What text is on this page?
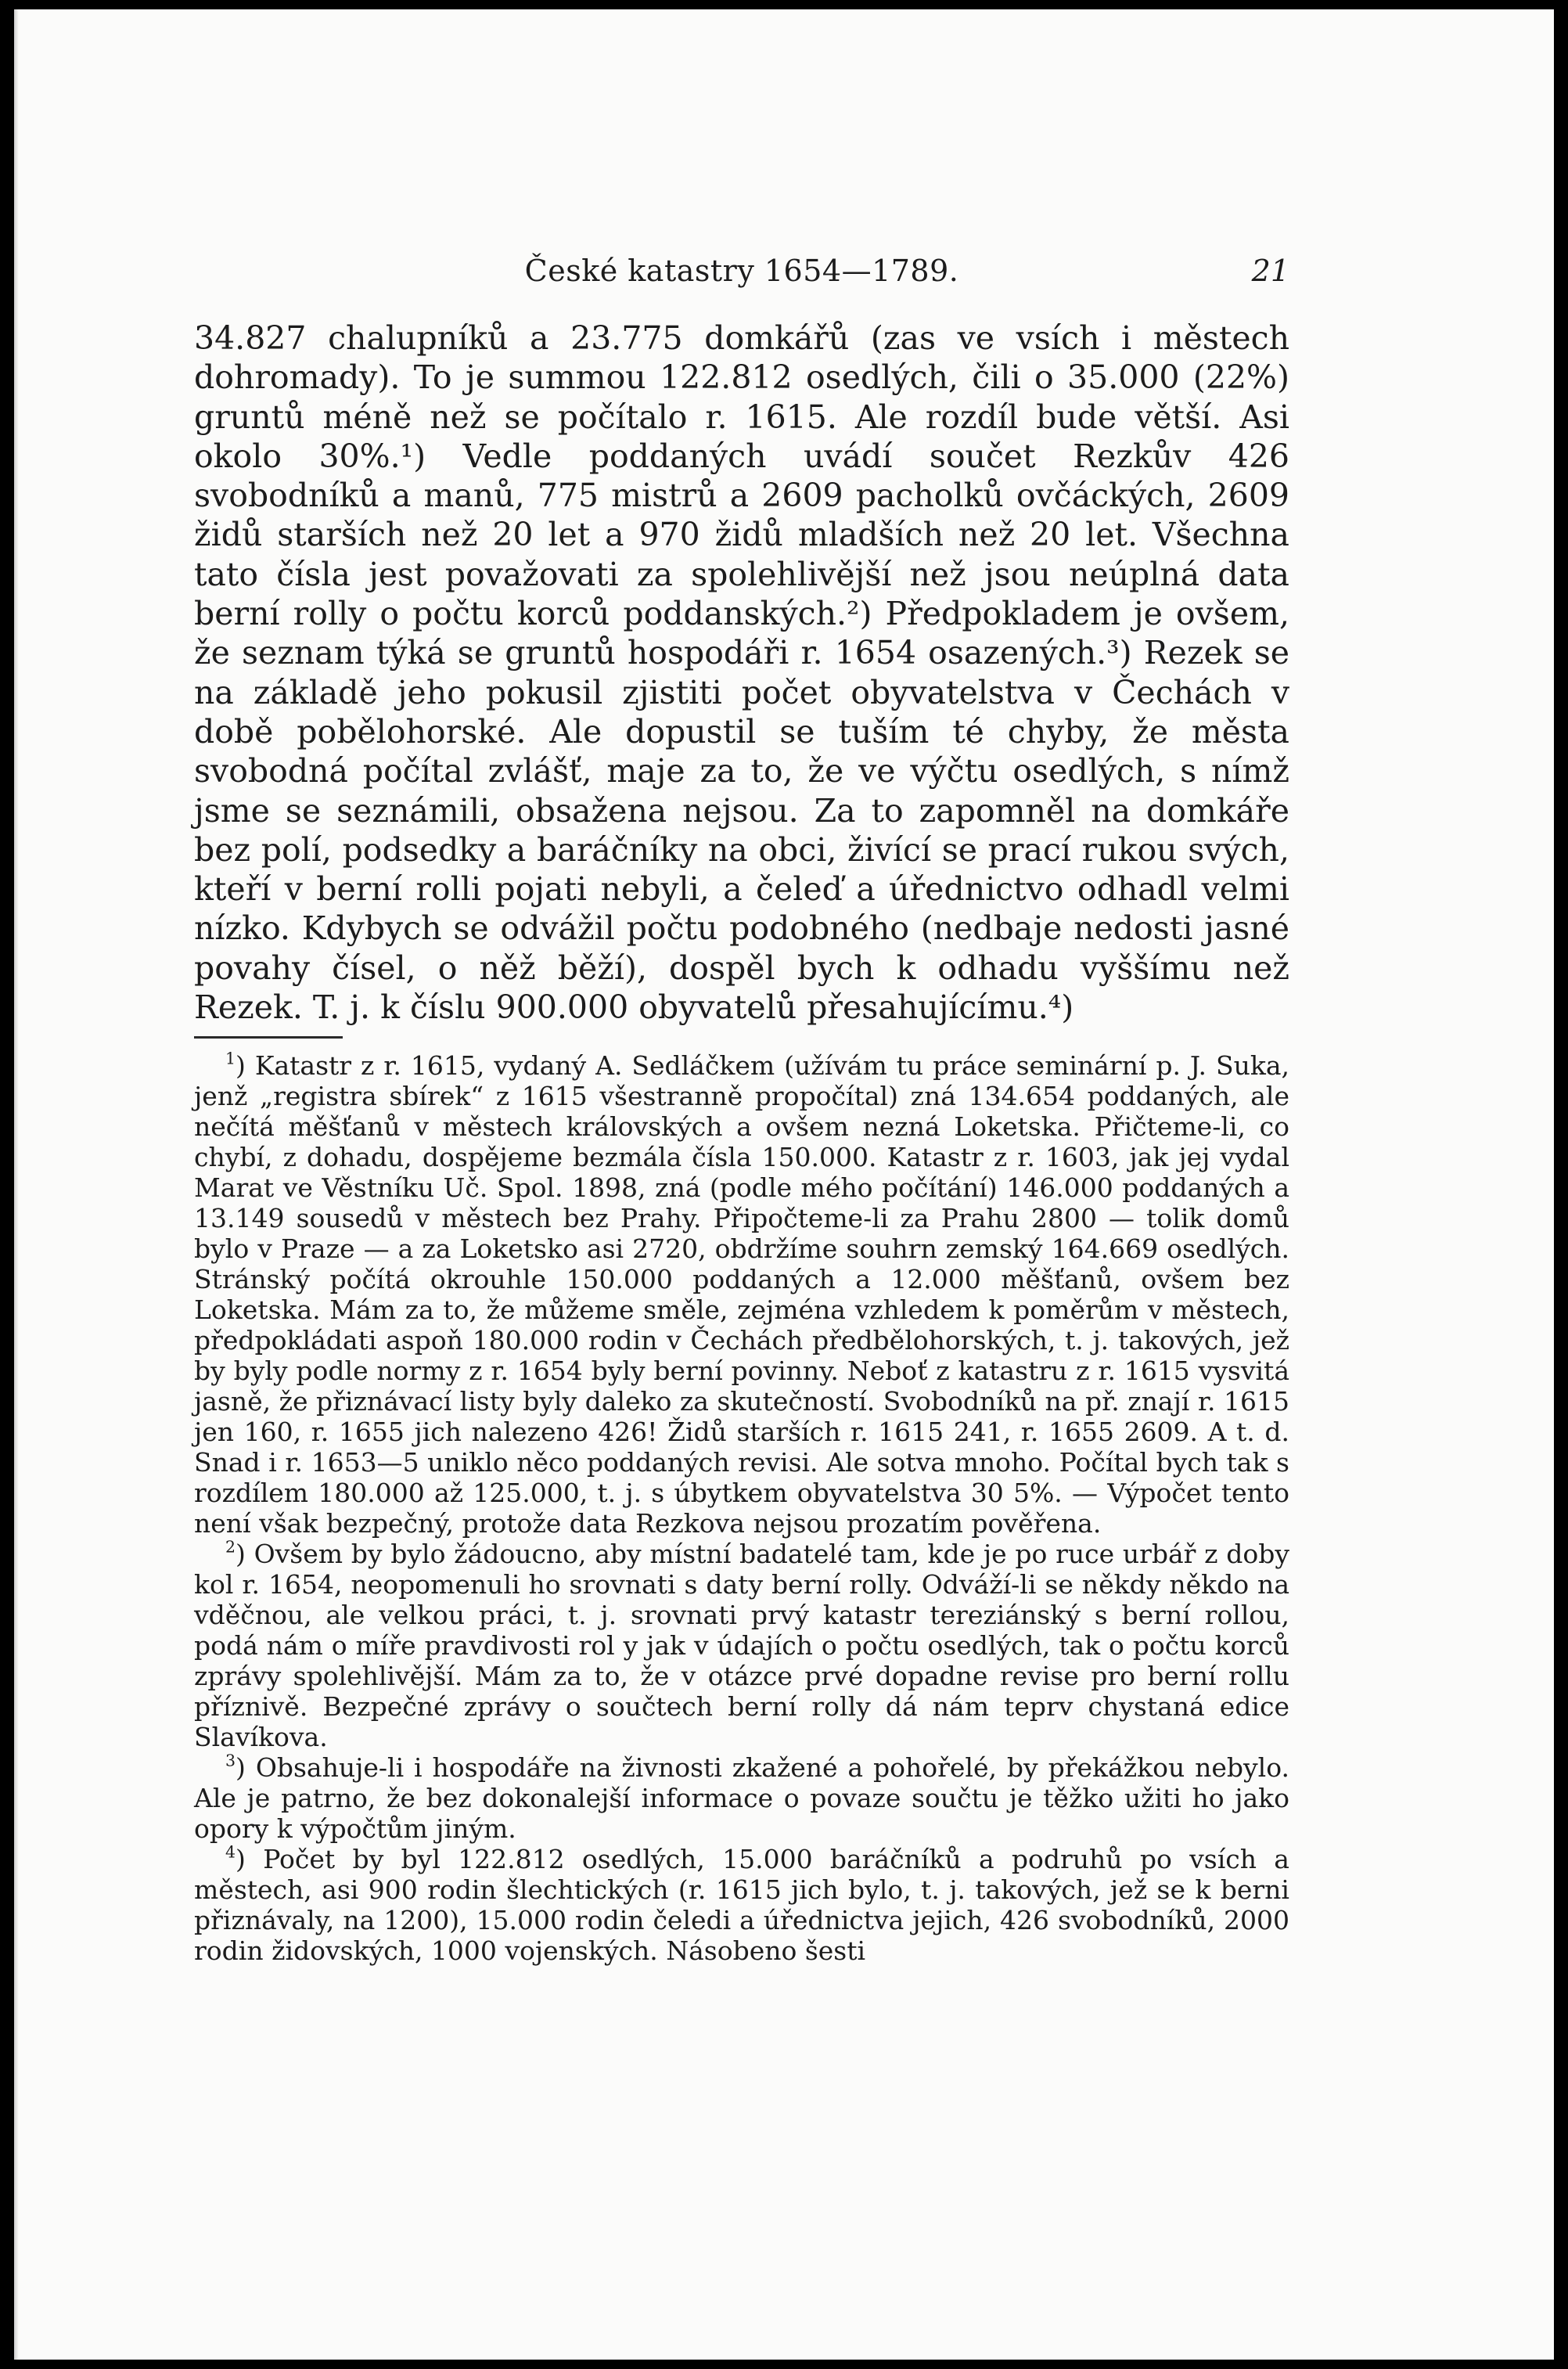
České katastry 1654—1789.	21

34.827 chalupníků a 23.775 domkářů (zas ve vsích i městech dohromady). To je summou 122.812 osedlých, čili o 35.000 (22%) gruntů méně než se počítalo r. 1615. Ale rozdíl bude větší. Asi okolo 30%.¹) Vedle poddaných uvádí součet Rezkův 426 svobodníků a manů, 775 mistrů a 2609 pacholků ovčáckých, 2609 židů starších než 20 let a 970 židů mladších než 20 let. Všechna tato čísla jest považovati za spolehlivější než jsou neúplná data berní rolly o počtu korců poddanských.²) Předpokladem je ovšem, že seznam týká se gruntů hospodáři r. 1654 osazených.³) Rezek se na základě jeho pokusil zjistiti počet obyvatelstva v Čechách v době pobělohorské. Ale dopustil se tuším té chyby, že města svobodná počítal zvlášť, maje za to, že ve výčtu osedlých, s nímž jsme se seznámili, obsažena nejsou. Za to zapomněl na domkáře bez polí, podsedky a baráčníky na obci, živící se prací rukou svých, kteří v berní rolli pojati nebyli, a čeleď a úřednictvo odhadl velmi nízko. Kdybych se odvážil počtu podobného (nedbaje nedosti jasné povahy čísel, o něž běží), dospěl bych k odhadu vyššímu než Rezek. T. j. k číslu 900.000 obyvatelů přesahujícímu.⁴)

$^1$) Katastr z r. 1615, vydaný A. Sedláčkem (užívám tu práce seminární p. J. Suka, jenž „registra sbírek“ z 1615 všestranně propočítal) zná 134.654 poddaných, ale nečítá měšťanů v městech královských a ovšem nezná Loketska. Přičteme-li, co chybí, z dohadu, dospějeme bezmála čísla 150.000. Katastr z r. 1603, jak jej vydal Marat ve Věstníku Uč. Spol. 1898, zná (podle mého počítání) 146.000 poddaných a 13.149 sousedů v městech bez Prahy. Připočteme-li za Prahu 2800 — tolik domů bylo v Praze — a za Loketsko asi 2720, obdržíme souhrn zemský 164.669 osedlých. Stránský počítá okrouhle 150.000 poddaných a 12.000 měšťanů, ovšem bez Loketska. Mám za to, že můžeme směle, zejména vzhledem k poměrům v městech, předpokládati aspoň 180.000 rodin v Čechách předbělohorských, t. j. takových, jež by byly podle normy z r. 1654 byly berní povinny. Neboť z katastru z r. 1615 vysvitá jasně, že přiznávací listy byly daleko za skutečností. Svobodníků na př. znají r. 1615 jen 160, r. 1655 jich nalezeno 426! Židů starších r. 1615 241, r. 1655 2609. A t. d. Snad i r. 1653—5 uniklo něco poddaných revisi. Ale sotva mnoho. Počítal bych tak s rozdílem 180.000 až 125.000, t. j. s úbytkem obyvatelstva 30 5%. — Výpočet tento není však bezpečný, protože data Rezkova nejsou prozatím pověřena.

$^2$) Ovšem by bylo žádoucno, aby místní badatelé tam, kde je po ruce urbář z doby kol r. 1654, neopomenuli ho srovnati s daty berní rolly. Odváží-li se někdy někdo na vděčnou, ale velkou práci, t. j. srovnati prvý katastr tereziánský s berní rollou, podá nám o míře pravdivosti rol y jak v údajích o počtu osedlých, tak o počtu korců zprávy spolehlivější. Mám za to, že v otázce prvé dopadne revise pro berní rollu příznivě. Bezpečné zprávy o součtech berní rolly dá nám teprv chystaná edice Slavíkova.

$^3$) Obsahuje-li i hospodáře na živnosti zkažené a pohořelé, by překážkou nebylo. Ale je patrno, že bez dokonalejší informace o povaze součtu je těžko užiti ho jako opory k výpočtům jiným.

$^4$) Počet by byl 122.812 osedlých, 15.000 baráčníků a podruhů po vsích a městech, asi 900 rodin šlechtických (r. 1615 jich bylo, t. j. takových, jež se k berni přiznávaly, na 1200), 15.000 rodin čeledi a úřednictva jejich, 426 svobodníků, 2000 rodin židovských, 1000 vojenských. Násobeno šesti
